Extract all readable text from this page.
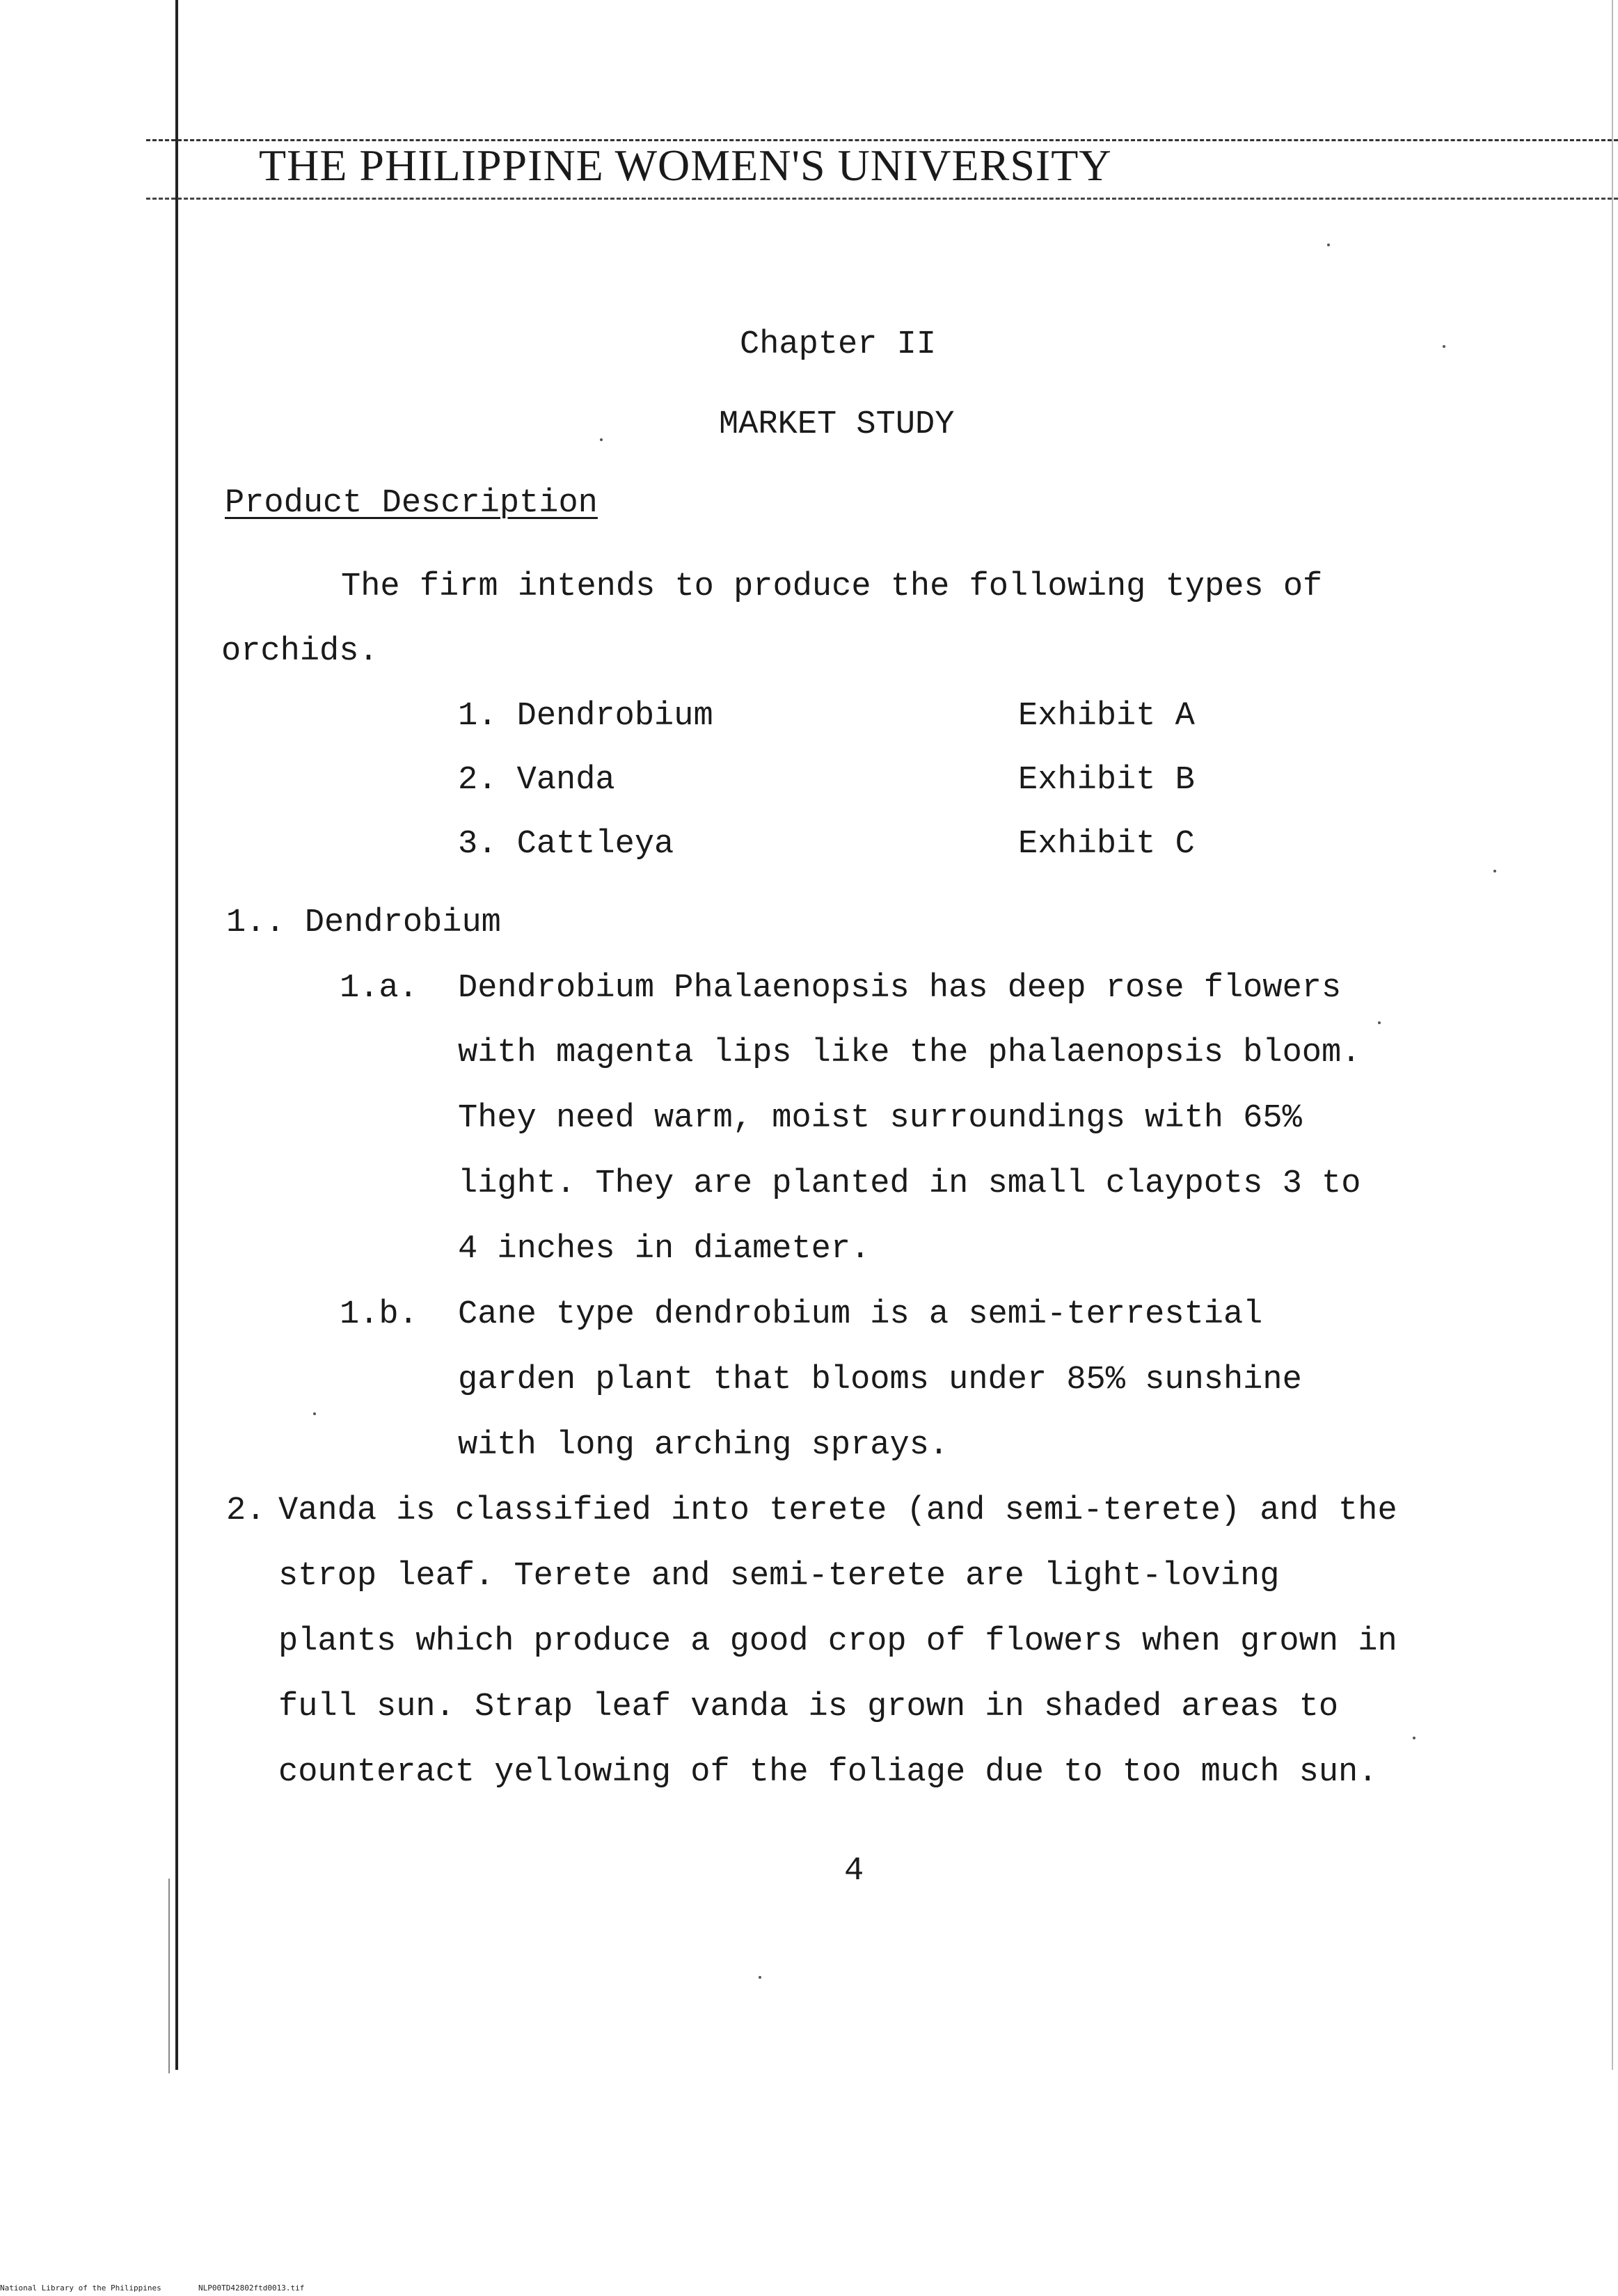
THE PHILIPPINE WOMEN'S UNIVERSITY
Chapter II
MARKET STUDY
Product Description
The firm intends to produce the following types of
orchids.
1. Dendrobium	Exhibit A
2. Vanda	Exhibit B
3. Cattleya	Exhibit C
1.. Dendrobium
1.a. Dendrobium Phalaenopsis has deep rose flowers
with magenta lips like the phalaenopsis bloom.
They need warm, moist surroundings with 65%
light. They are planted in small claypots 3 to
4 inches in diameter.
1.b. Cane type dendrobium is a semi-terrestial
garden plant that blooms under 85% sunshine
with long arching sprays.
2. Vanda is classified into terete (and semi-terete) and the
strop leaf. Terete and semi-terete are light-loving
plants which produce a good crop of flowers when grown in
full sun. Strap leaf vanda is grown in shaded areas to
counteract yellowing of the foliage due to too much sun.
4
National Library of the Philippines	NLP00TD42802ftd0013.tif
